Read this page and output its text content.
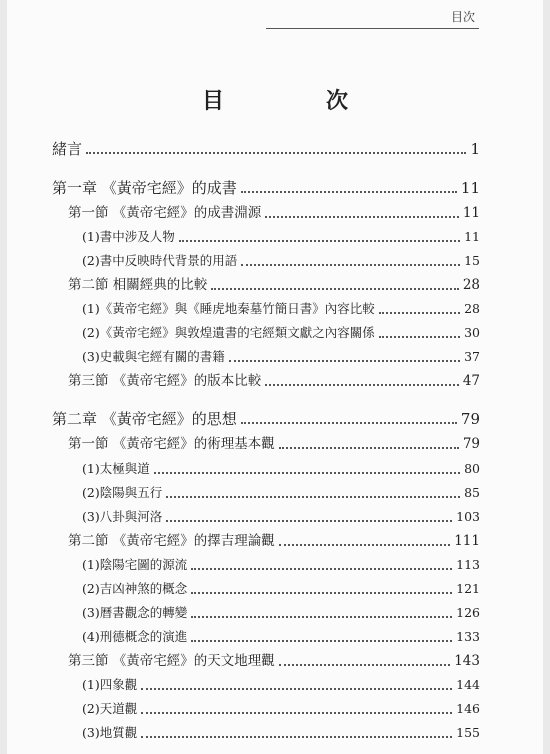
目次
目　次
緒言	1
第一章 《黃帝宅經》的成書	11
第一節 《黃帝宅經》的成書淵源	11
(1)書中涉及人物	11
(2)書中反映時代背景的用語	15
第二節 相關經典的比較	28
(1)《黃帝宅經》與《睡虎地秦墓竹簡日書》內容比較	28
(2)《黃帝宅經》與敦煌遺書的宅經類文獻之內容關係	30
(3)史載與宅經有關的書籍	37
第三節 《黃帝宅經》的版本比較	47
第二章 《黃帝宅經》的思想	79
第一節 《黃帝宅經》的術理基本觀	79
(1)太極與道	80
(2)陰陽與五行	85
(3)八卦與河洛	103
第二節 《黃帝宅經》的擇吉理論觀	111
(1)陰陽宅圖的源流	113
(2)吉凶神煞的概念	121
(3)曆書觀念的轉變	126
(4)刑德概念的演進	133
第三節 《黃帝宅經》的天文地理觀	143
(1)四象觀	144
(2)天道觀	146
(3)地質觀	155
